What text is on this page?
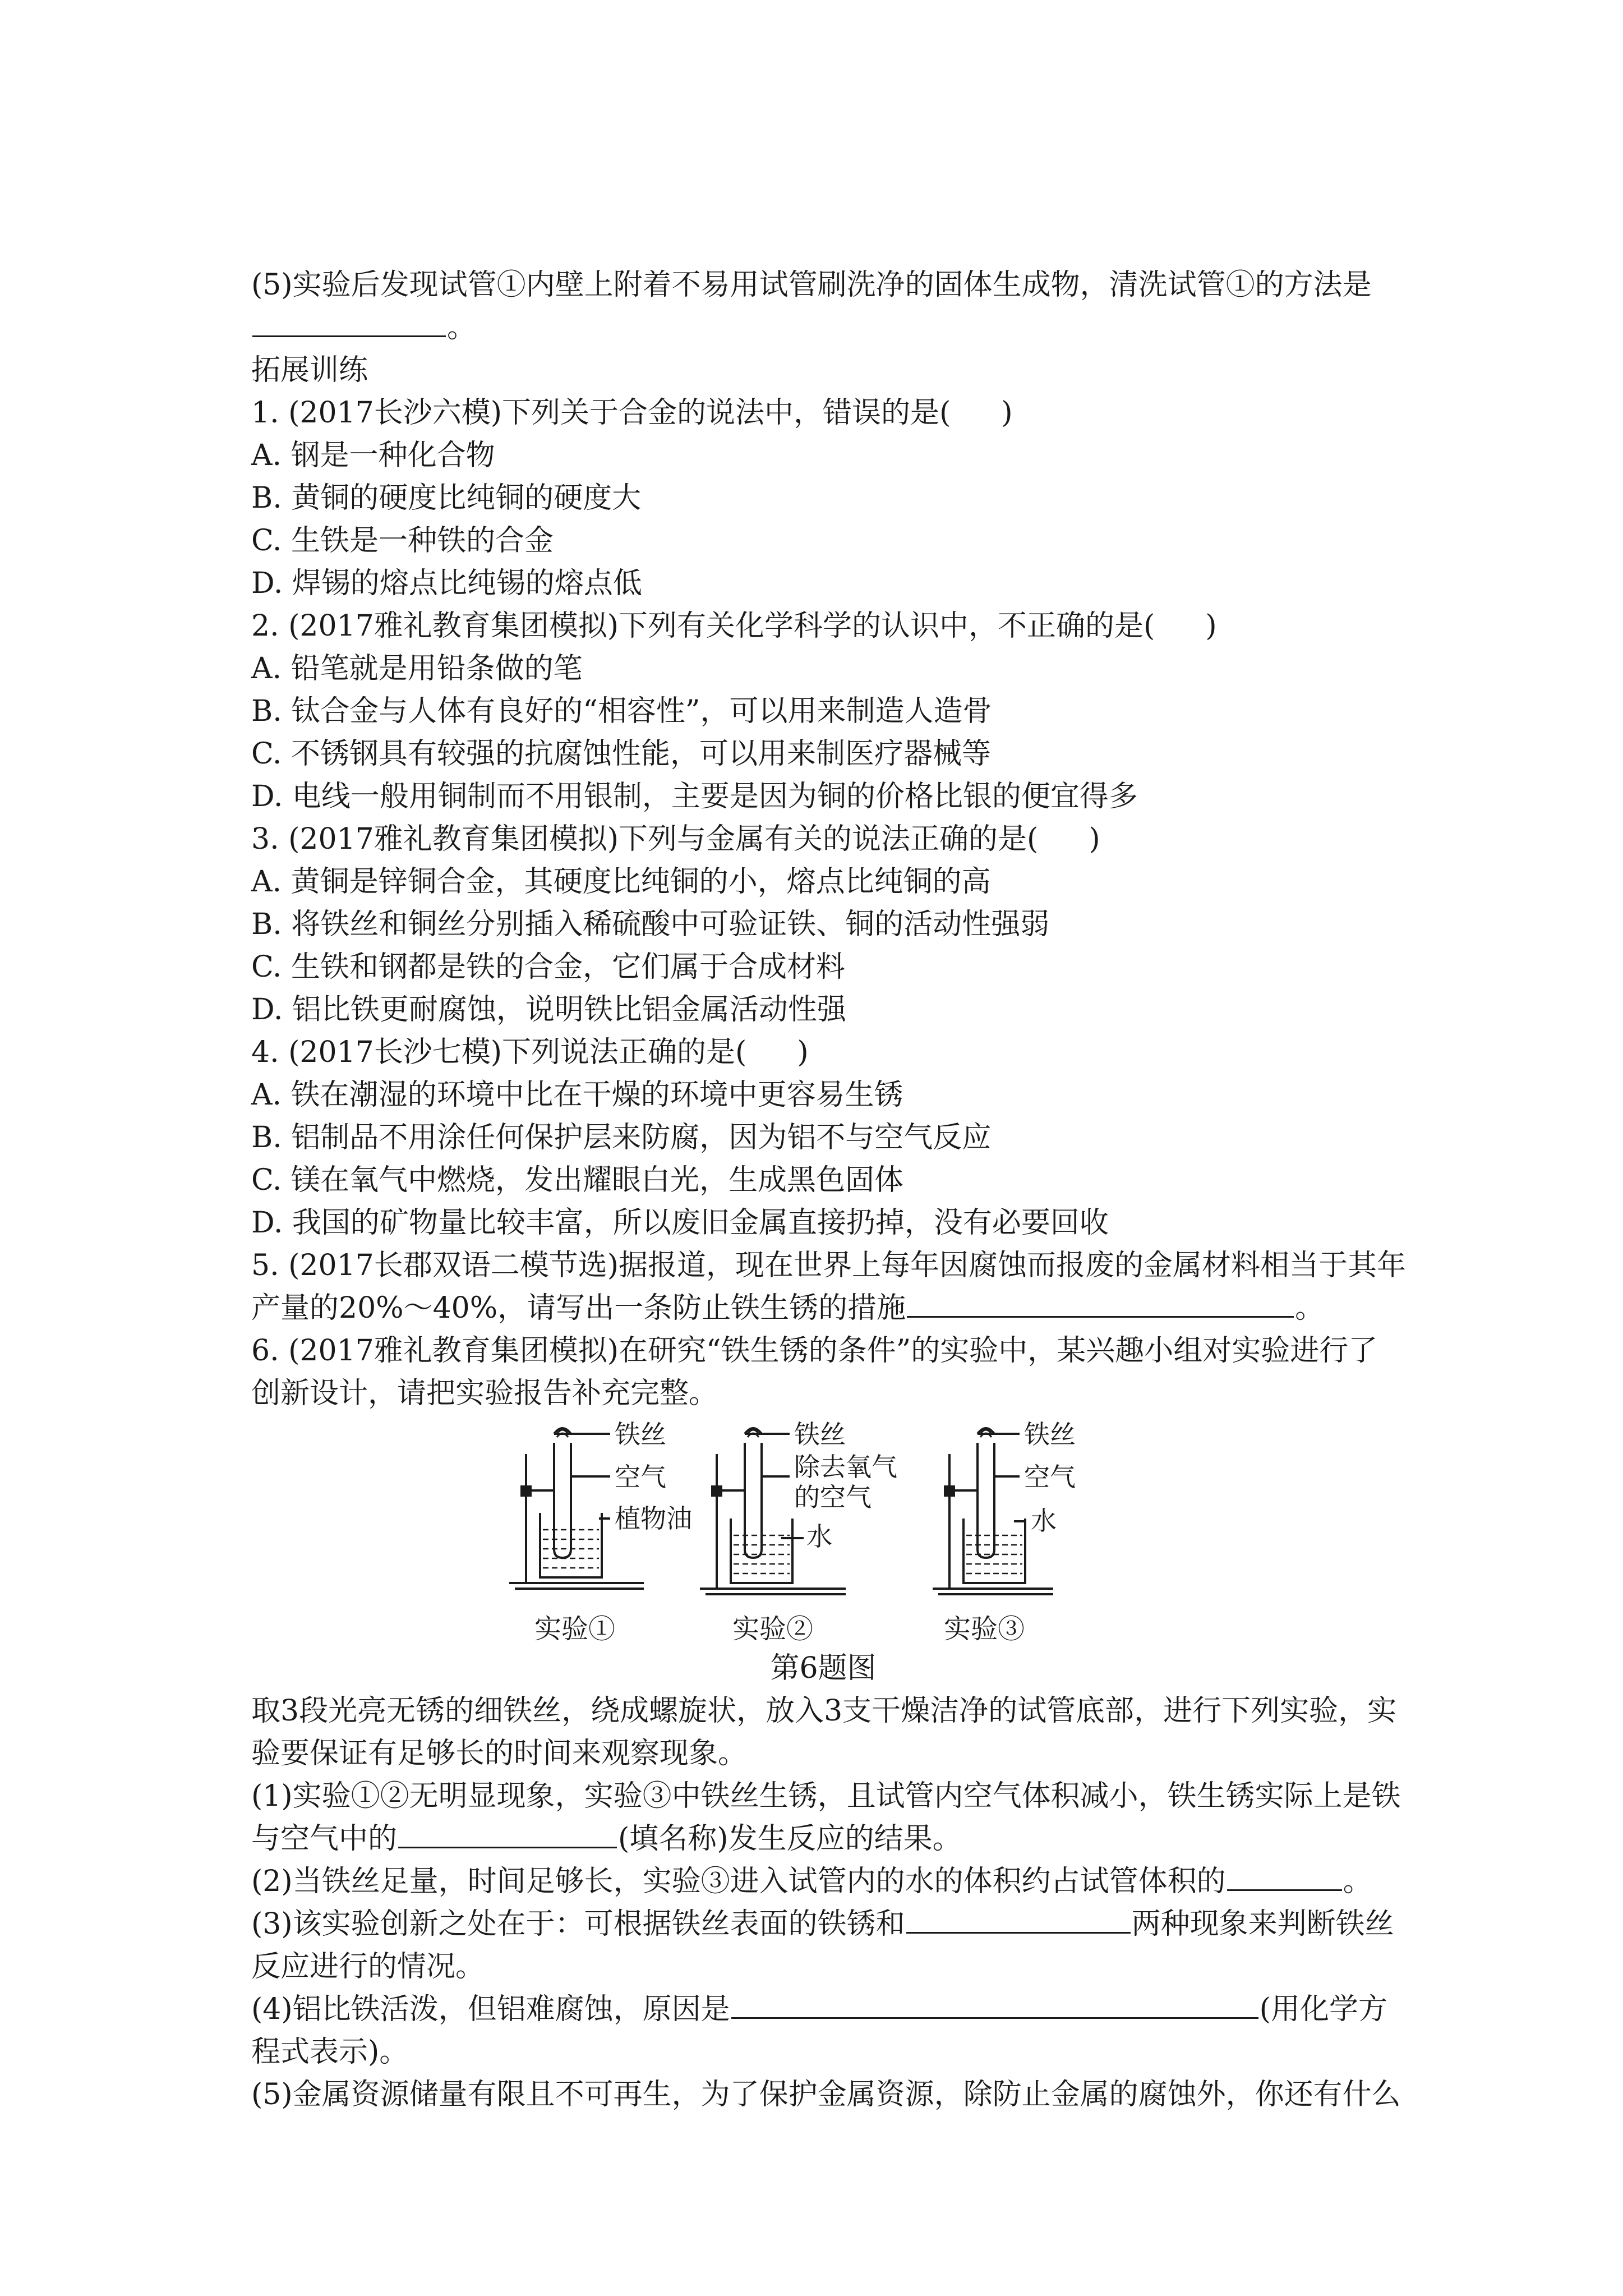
(5)实验后发现试管①内壁上附着不易用试管刷洗净的固体生成物，清洗试管①的方法是
。
拓展训练
1. (2017长沙六模)下列关于合金的说法中，错误的是( )
A. 钢是一种化合物
B. 黄铜的硬度比纯铜的硬度大
C. 生铁是一种铁的合金
D. 焊锡的熔点比纯锡的熔点低
2. (2017雅礼教育集团模拟)下列有关化学科学的认识中，不正确的是( )
A. 铅笔就是用铅条做的笔
B. 钛合金与人体有良好的“相容性”，可以用来制造人造骨
C. 不锈钢具有较强的抗腐蚀性能，可以用来制医疗器械等
D. 电线一般用铜制而不用银制，主要是因为铜的价格比银的便宜得多
3. (2017雅礼教育集团模拟)下列与金属有关的说法正确的是( )
A. 黄铜是锌铜合金，其硬度比纯铜的小，熔点比纯铜的高
B. 将铁丝和铜丝分别插入稀硫酸中可验证铁、铜的活动性强弱
C. 生铁和钢都是铁的合金，它们属于合成材料
D. 铝比铁更耐腐蚀，说明铁比铝金属活动性强
4. (2017长沙七模)下列说法正确的是( )
A. 铁在潮湿的环境中比在干燥的环境中更容易生锈
B. 铝制品不用涂任何保护层来防腐，因为铝不与空气反应
C. 镁在氧气中燃烧，发出耀眼白光，生成黑色固体
D. 我国的矿物量比较丰富，所以废旧金属直接扔掉，没有必要回收
5. (2017长郡双语二模节选)据报道，现在世界上每年因腐蚀而报废的金属材料相当于其年
产量的20%～40%，请写出一条防止铁生锈的措施	。
6. (2017雅礼教育集团模拟)在研究“铁生锈的条件”的实验中，某兴趣小组对实验进行了
创新设计，请把实验报告补充完整。
铁丝
空气
植物油
铁丝
除去氧气
的空气
水
铁丝
空气
水
实验①	实验②	实验③
第6题图
取3段光亮无锈的细铁丝，绕成螺旋状，放入3支干燥洁净的试管底部，进行下列实验，实
验要保证有足够长的时间来观察现象。
(1)实验①②无明显现象，实验③中铁丝生锈，且试管内空气体积减小，铁生锈实际上是铁
与空气中的	(填名称)发生反应的结果。
(2)当铁丝足量，时间足够长，实验③进入试管内的水的体积约占试管体积的	。
(3)该实验创新之处在于：可根据铁丝表面的铁锈和	两种现象来判断铁丝
反应进行的情况。
(4)铝比铁活泼，但铝难腐蚀，原因是	(用化学方
程式表示)。
(5)金属资源储量有限且不可再生，为了保护金属资源，除防止金属的腐蚀外，你还有什么
